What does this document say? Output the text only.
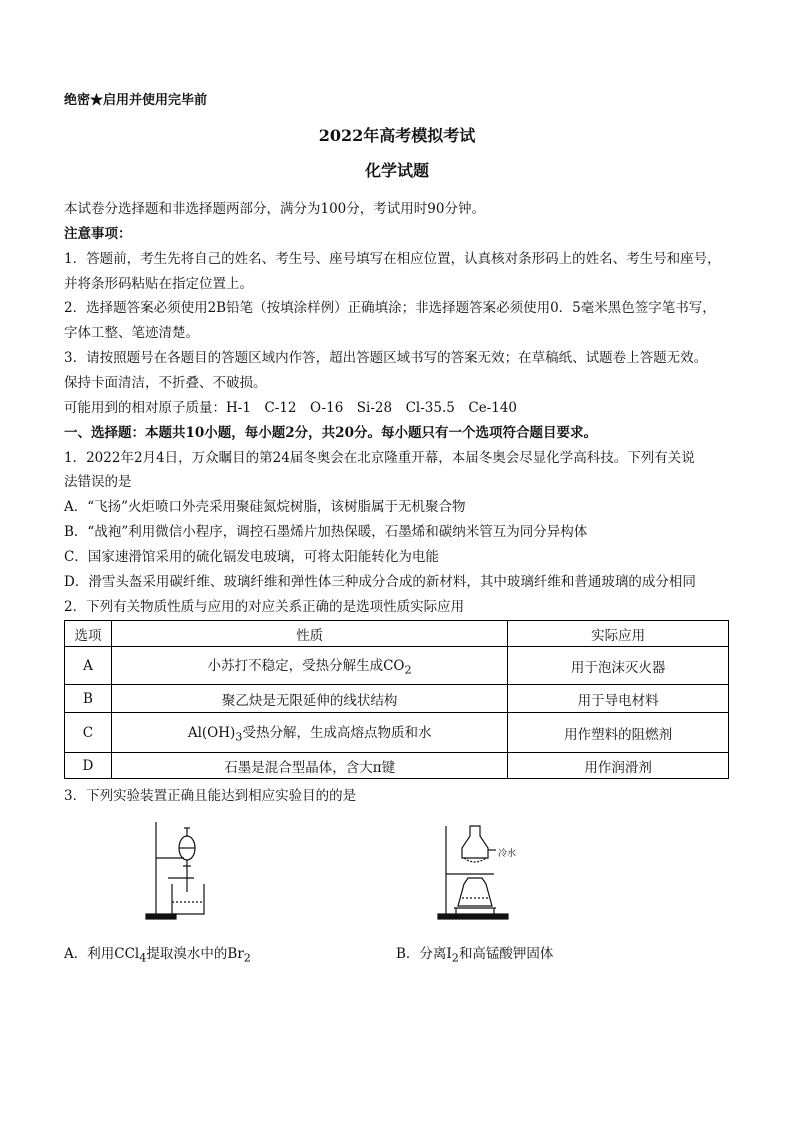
绝密★启用并使用完毕前
2022年高考模拟考试
化学试题
本试卷分选择题和非选择题两部分，满分为100分，考试用时90分钟。
注意事项：
1．答题前，考生先将自己的姓名、考生号、座号填写在相应位置，认真核对条形码上的姓名、考生号和座号，
并将条形码粘贴在指定位置上。
2．选择题答案必须使用2B铅笔（按填涂样例）正确填涂；非选择题答案必须使用0．5毫米黑色签字笔书写，
字体工整、笔迹清楚。
3．请按照题号在各题目的答题区域内作答，超出答题区域书写的答案无效；在草稿纸、试题卷上答题无效。
保持卡面清洁，不折叠、不破损。
可能用到的相对原子质量：H-1　C-12　O-16　Si-28　Cl-35.5　Ce-140
一、选择题：本题共10小题，每小题2分，共20分。每小题只有一个选项符合题目要求。
1．2022年2月4日，万众瞩目的第24届冬奥会在北京隆重开幕，本届冬奥会尽显化学高科技。下列有关说
法错误的是
A．“飞扬”火炬喷口外壳采用聚硅氮烷树脂，该树脂属于无机聚合物
B．“战袍”利用微信小程序，调控石墨烯片加热保暖，石墨烯和碳纳米管互为同分异构体
C．国家速滑馆采用的硫化镉发电玻璃，可将太阳能转化为电能
D．滑雪头盔采用碳纤维、玻璃纤维和弹性体三种成分合成的新材料，其中玻璃纤维和普通玻璃的成分相同
2．下列有关物质性质与应用的对应关系正确的是选项性质实际应用
选项	性质	实际应用
A	小苏打不稳定，受热分解生成$CO_2$	用于泡沫灭火器
B	聚乙炔是无限延伸的线状结构	用于导电材料
C	$Al(OH)_3$受热分解，生成高熔点物质和水	用作塑料的阻燃剂
D	石墨是混合型晶体，含大π键	用作润滑剂
3．下列实验装置正确且能达到相应实验目的的是
冷水
A．利用CCl$_4$提取溴水中的$Br_2$	B．分离$I_2$和高锰酸钾固体
